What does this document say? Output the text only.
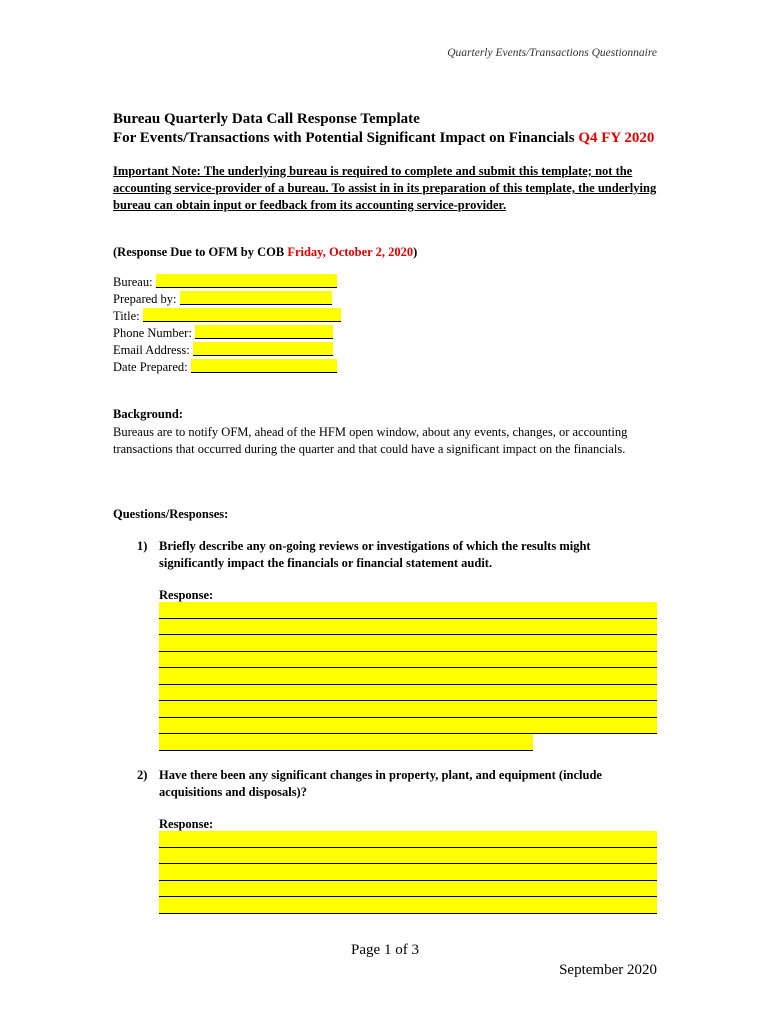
Quarterly Events/Transactions Questionnaire
Bureau Quarterly Data Call Response Template
For Events/Transactions with Potential Significant Impact on Financials Q4 FY 2020
Important Note: The underlying bureau is required to complete and submit this template; not the accounting service-provider of a bureau. To assist in in its preparation of this template, the underlying bureau can obtain input or feedback from its accounting service-provider.
(Response Due to OFM by COB Friday, October 2, 2020)
Bureau:
Prepared by:
Title:
Phone Number:
Email Address:
Date Prepared:
Background:
Bureaus are to notify OFM, ahead of the HFM open window, about any events, changes, or accounting transactions that occurred during the quarter and that could have a significant impact on the financials.
Questions/Responses:
1) Briefly describe any on-going reviews or investigations of which the results might significantly impact the financials or financial statement audit.
Response:
2) Have there been any significant changes in property, plant, and equipment (include acquisitions and disposals)?
Response:
Page 1 of 3
September 2020
